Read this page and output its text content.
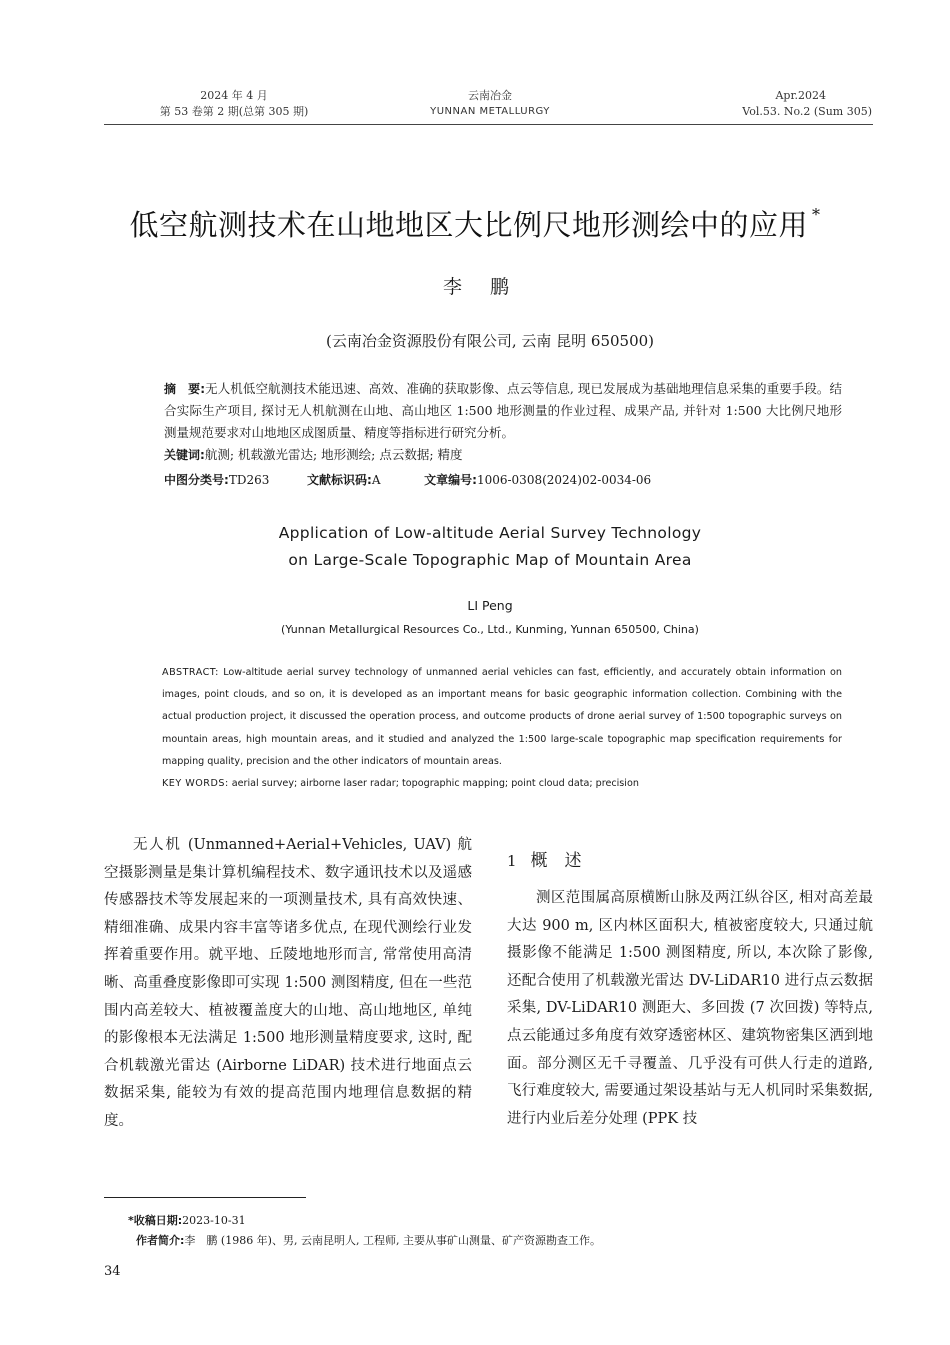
2024 年 4 月
第 53 卷第 2 期(总第 305 期)
云南冶金
YUNNAN METALLURGY
Apr.2024
Vol.53. No.2 (Sum 305)
低空航测技术在山地地区大比例尺地形测绘中的应用 *
李鹏
(云南冶金资源股份有限公司, 云南 昆明 650500)
摘　要:无人机低空航测技术能迅速、高效、准确的获取影像、点云等信息, 现已发展成为基础地理信息采集的重要手段。结合实际生产项目, 探讨无人机航测在山地、高山地区 1:500 地形测量的作业过程、成果产品, 并针对 1:500 大比例尺地形测量规范要求对山地地区成图质量、精度等指标进行研究分析。
关键词:航测; 机载激光雷达; 地形测绘; 点云数据; 精度
中图分类号:TD263	文献标识码:A	文章编号:1006-0308(2024)02-0034-06
Application of Low-altitude Aerial Survey Technology
on Large-Scale Topographic Map of Mountain Area
LI Peng
(Yunnan Metallurgical Resources Co., Ltd., Kunming, Yunnan 650500, China)
ABSTRACT: Low-altitude aerial survey technology of unmanned aerial vehicles can fast, efficiently, and accurately obtain information on images, point clouds, and so on, it is developed as an important means for basic geographic information collection. Combining with the actual production project, it discussed the operation process, and outcome products of drone aerial survey of 1:500 topographic surveys on mountain areas, high mountain areas, and it studied and analyzed the 1:500 large-scale topographic map specification requirements for mapping quality, precision and the other indicators of mountain areas.
KEY WORDS: aerial survey; airborne laser radar; topographic mapping; point cloud data; precision

无人机 (Unmanned+Aerial+Vehicles, UAV) 航空摄影测量是集计算机编程技术、数字通讯技术以及遥感传感器技术等发展起来的一项测量技术, 具有高效快速、精细准确、成果内容丰富等诸多优点, 在现代测绘行业发挥着重要作用。就平地、丘陵地地形而言, 常常使用高清晰、高重叠度影像即可实现 1:500 测图精度, 但在一些范围内高差较大、植被覆盖度大的山地、高山地地区, 单纯的影像根本无法满足 1:500 地形测量精度要求, 这时, 配合机载激光雷达 (Airborne LiDAR) 技术进行地面点云数据采集, 能较为有效的提高范围内地理信息数据的精度。

1 概　述

测区范围属高原横断山脉及两江纵谷区, 相对高差最大达 900 m, 区内林区面积大, 植被密度较大, 只通过航摄影像不能满足 1:500 测图精度, 所以, 本次除了影像, 还配合使用了机载激光雷达 DV-LiDAR10 进行点云数据采集, DV-LiDAR10 测距大、多回拨 (7 次回拨) 等特点, 点云能通过多角度有效穿透密林区、建筑物密集区洒到地面。部分测区无千寻覆盖、几乎没有可供人行走的道路, 飞行难度较大, 需要通过架设基站与无人机同时采集数据, 进行内业后差分处理 (PPK 技

*收稿日期:2023-10-31
作者简介:李　鹏 (1986 年)、男, 云南昆明人, 工程师, 主要从事矿山测量、矿产资源勘查工作。
34
